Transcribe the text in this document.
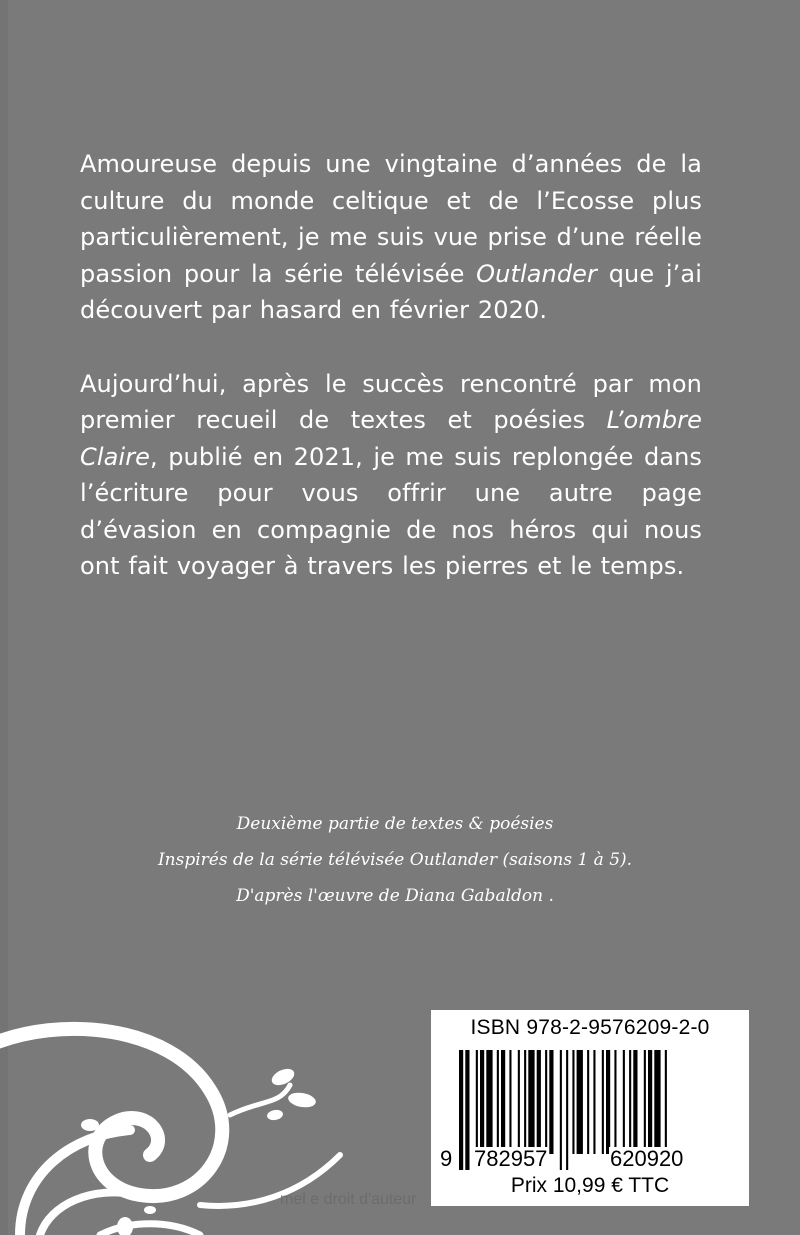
Amoureuse depuis une vingtaine d’années de la culture du monde celtique et de l’Ecosse plus particulièrement, je me suis vue prise d’une réelle passion pour la série télévisée Outlander que j’ai découvert par hasard en février 2020.

Aujourd’hui, après le succès rencontré par mon premier recueil de textes et poésies L’ombre Claire, publié en 2021, je me suis replongée dans l’écriture pour vous offrir une autre page d’évasion en compagnie de nos héros qui nous ont fait voyager à travers les pierres et le temps.

Deuxième partie de textes & poésies
Inspirés de la série télévisée Outlander (saisons 1 à 5).
D'après l'œuvre de Diana Gabaldon .
ISBN 978-2-9576209-2-0
9 782957	620920
Prix 10,99 € TTC
mel e droit d'auteur
